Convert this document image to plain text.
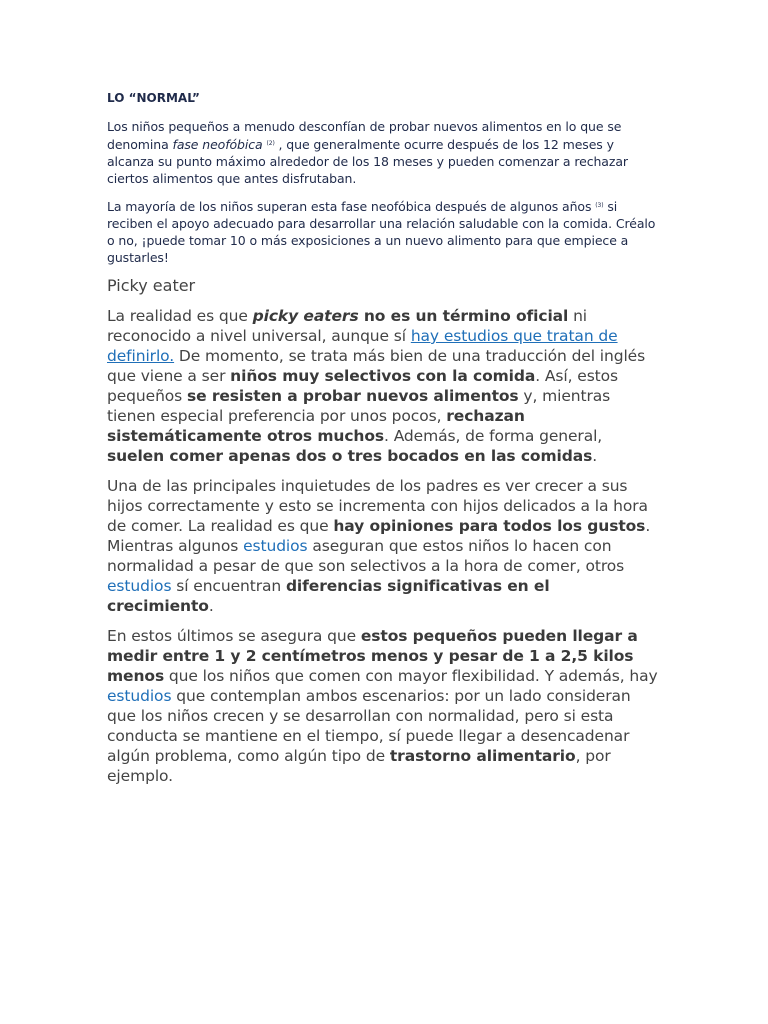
LO “NORMAL”

Los niños pequeños a menudo desconfían de probar nuevos alimentos en lo que se denomina fase neofóbica $^{(2)}$ , que generalmente ocurre después de los 12 meses y alcanza su punto máximo alrededor de los 18 meses y pueden comenzar a rechazar ciertos alimentos que antes disfrutaban.

La mayoría de los niños superan esta fase neofóbica después de algunos años $^{(3)}$ si reciben el apoyo adecuado para desarrollar una relación saludable con la comida. Créalo o no, ¡puede tomar 10 o más exposiciones a un nuevo alimento para que empiece a gustarles!

Picky eater

La realidad es que picky eaters no es un término oficial ni reconocido a nivel universal, aunque sí hay estudios que tratan de definirlo. De momento, se trata más bien de una traducción del inglés que viene a ser niños muy selectivos con la comida. Así, estos pequeños se resisten a probar nuevos alimentos y, mientras tienen especial preferencia por unos pocos, rechazan sistemáticamente otros muchos. Además, de forma general, suelen comer apenas dos o tres bocados en las comidas.

Una de las principales inquietudes de los padres es ver crecer a sus hijos correctamente y esto se incrementa con hijos delicados a la hora de comer. La realidad es que hay opiniones para todos los gustos. Mientras algunos estudios aseguran que estos niños lo hacen con normalidad a pesar de que son selectivos a la hora de comer, otros estudios sí encuentran diferencias significativas en el crecimiento.

En estos últimos se asegura que estos pequeños pueden llegar a medir entre 1 y 2 centímetros menos y pesar de 1 a 2,5 kilos menos que los niños que comen con mayor flexibilidad. Y además, hay estudios que contemplan ambos escenarios: por un lado consideran que los niños crecen y se desarrollan con normalidad, pero si esta conducta se mantiene en el tiempo, sí puede llegar a desencadenar algún problema, como algún tipo de trastorno alimentario, por ejemplo.
